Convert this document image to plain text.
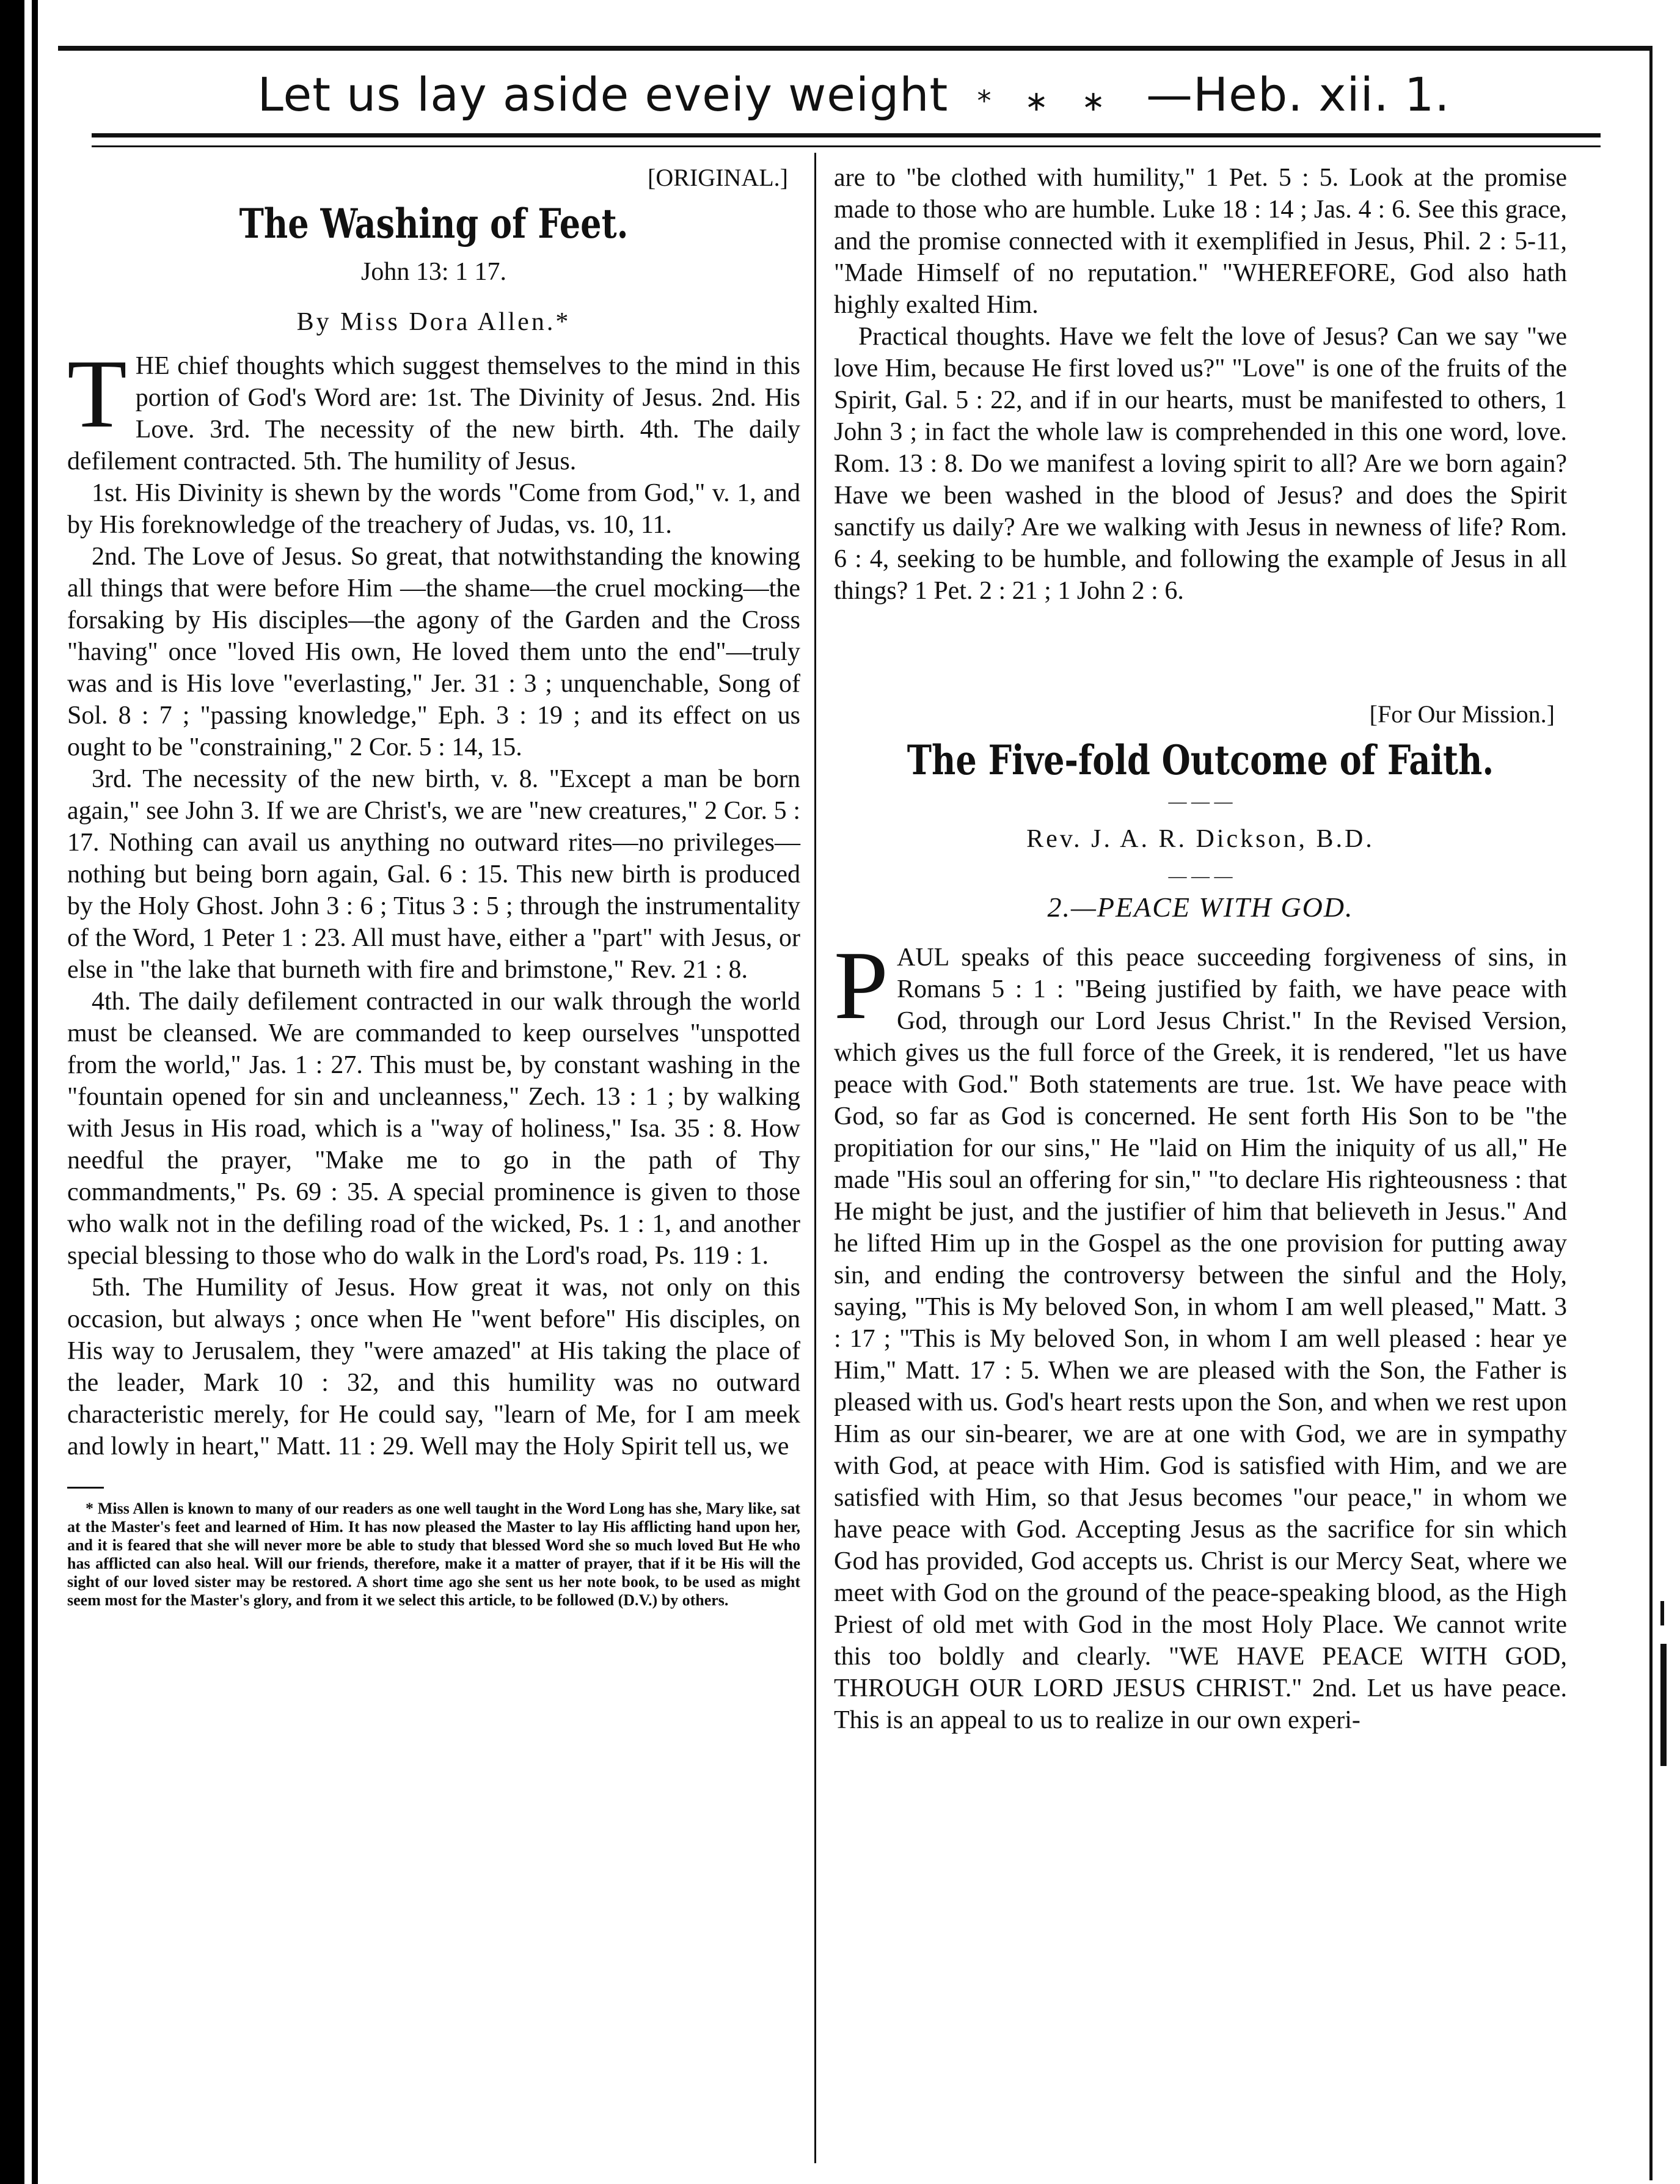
Let us lay aside eveiy weight * ∗ ∗ —Heb. xii. 1.
[ORIGINAL.]
The Washing of Feet.
John 13: 1 17.
By Miss Dora Allen.*

T HE chief thoughts which suggest themselves to the mind in this portion of God's Word are: 1st. The Divinity of Jesus. 2nd. His Love. 3rd. The necessity of the new birth. 4th. The daily defilement contracted. 5th. The humility of Jesus.

1st. His Divinity is shewn by the words "Come from God," v. 1, and by His foreknowledge of the treachery of Judas, vs. 10, 11.

2nd. The Love of Jesus. So great, that notwithstanding the knowing all things that were before Him —the shame—the cruel mocking—the forsaking by His disciples—the agony of the Garden and the Cross "having" once "loved His own, He loved them unto the end"—truly was and is His love "everlasting," Jer. 31 : 3 ; unquenchable, Song of Sol. 8 : 7 ; "passing knowledge," Eph. 3 : 19 ; and its effect on us ought to be "constraining," 2 Cor. 5 : 14, 15.

3rd. The necessity of the new birth, v. 8. "Except a man be born again," see John 3. If we are Christ's, we are "new creatures," 2 Cor. 5 : 17. Nothing can avail us anything no outward rites—no privileges— nothing but being born again, Gal. 6 : 15. This new birth is produced by the Holy Ghost. John 3 : 6 ; Titus 3 : 5 ; through the instrumentality of the Word, 1 Peter 1 : 23. All must have, either a "part" with Jesus, or else in "the lake that burneth with fire and brimstone," Rev. 21 : 8.

4th. The daily defilement contracted in our walk through the world must be cleansed. We are commanded to keep ourselves "unspotted from the world," Jas. 1 : 27. This must be, by constant washing in the "fountain opened for sin and uncleanness," Zech. 13 : 1 ; by walking with Jesus in His road, which is a "way of holiness," Isa. 35 : 8. How needful the prayer, "Make me to go in the path of Thy commandments," Ps. 69 : 35. A special prominence is given to those who walk not in the defiling road of the wicked, Ps. 1 : 1, and another special blessing to those who do walk in the Lord's road, Ps. 119 : 1.

5th. The Humility of Jesus. How great it was, not only on this occasion, but always ; once when He "went before" His disciples, on His way to Jerusalem, they "were amazed" at His taking the place of the leader, Mark 10 : 32, and this humility was no outward characteristic merely, for He could say, "learn of Me, for I am meek and lowly in heart," Matt. 11 : 29. Well may the Holy Spirit tell us, we

* Miss Allen is known to many of our readers as one well taught in the Word Long has she, Mary like, sat at the Master's feet and learned of Him. It has now pleased the Master to lay His afflicting hand upon her, and it is feared that she will never more be able to study that blessed Word she so much loved But He who has afflicted can also heal. Will our friends, therefore, make it a matter of prayer, that if it be His will the sight of our loved sister may be restored. A short time ago she sent us her note book, to be used as might seem most for the Master's glory, and from it we select this article, to be followed (D.V.) by others.

are to "be clothed with humility," 1 Pet. 5 : 5. Look at the promise made to those who are humble. Luke 18 : 14 ; Jas. 4 : 6. See this grace, and the promise connected with it exemplified in Jesus, Phil. 2 : 5-11, "Made Himself of no reputation." "WHEREFORE, God also hath highly exalted Him.

Practical thoughts. Have we felt the love of Jesus? Can we say "we love Him, because He first loved us?" "Love" is one of the fruits of the Spirit, Gal. 5 : 22, and if in our hearts, must be manifested to others, 1 John 3 ; in fact the whole law is comprehended in this one word, love. Rom. 13 : 8. Do we manifest a loving spirit to all? Are we born again? Have we been washed in the blood of Jesus? and does the Spirit sanctify us daily? Are we walking with Jesus in newness of life? Rom. 6 : 4, seeking to be humble, and following the example of Jesus in all things? 1 Pet. 2 : 21 ; 1 John 2 : 6.

[For Our Mission.]
The Five-fold Outcome of Faith.
— — —
Rev. J. A. R. Dickson, B.D.
— — —
2.—PEACE WITH GOD.

P AUL speaks of this peace succeeding forgiveness of sins, in Romans 5 : 1 : "Being justified by faith, we have peace with God, through our Lord Jesus Christ." In the Revised Version, which gives us the full force of the Greek, it is rendered, "let us have peace with God." Both statements are true. 1st. We have peace with God, so far as God is concerned. He sent forth His Son to be "the propitiation for our sins," He "laid on Him the iniquity of us all," He made "His soul an offering for sin," "to declare His righteousness : that He might be just, and the justifier of him that believeth in Jesus." And he lifted Him up in the Gospel as the one provision for putting away sin, and ending the controversy between the sinful and the Holy, saying, "This is My beloved Son, in whom I am well pleased," Matt. 3 : 17 ; "This is My beloved Son, in whom I am well pleased : hear ye Him," Matt. 17 : 5. When we are pleased with the Son, the Father is pleased with us. God's heart rests upon the Son, and when we rest upon Him as our sin-bearer, we are at one with God, we are in sympathy with God, at peace with Him. God is satisfied with Him, and we are satisfied with Him, so that Jesus becomes "our peace," in whom we have peace with God. Accepting Jesus as the sacrifice for sin which God has provided, God accepts us. Christ is our Mercy Seat, where we meet with God on the ground of the peace-speaking blood, as the High Priest of old met with God in the most Holy Place. We cannot write this too boldly and clearly. "WE HAVE PEACE WITH GOD, THROUGH OUR LORD JESUS CHRIST." 2nd. Let us have peace. This is an appeal to us to realize in our own experi-
